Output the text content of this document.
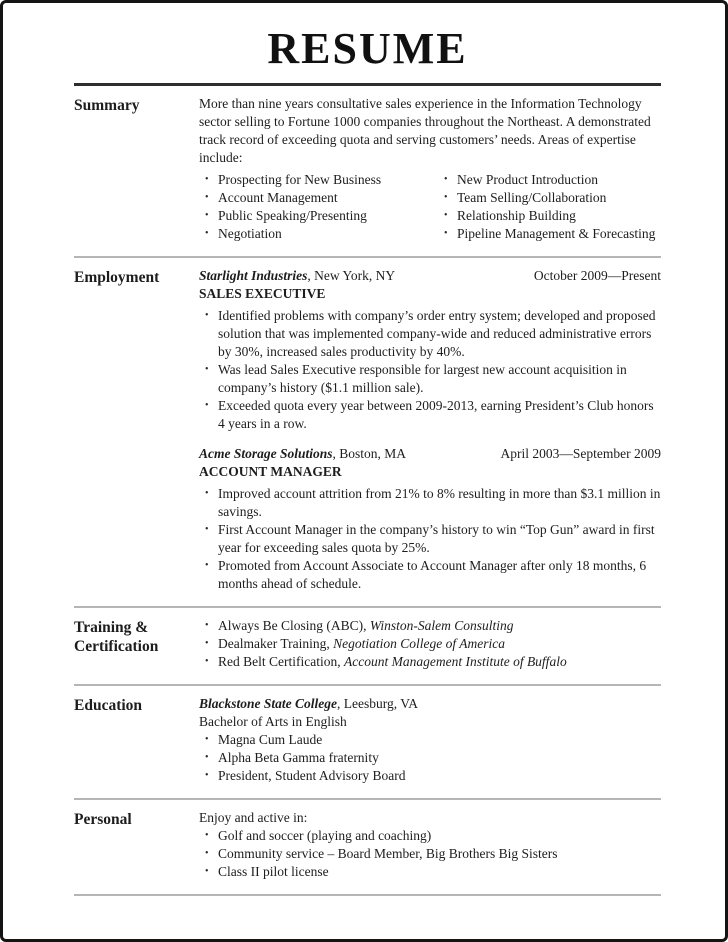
RESUME
Summary	More than nine years consultative sales experience in the Information Technology sector selling to Fortune 1000 companies throughout the Northeast. A demonstrated track record of exceeding quota and serving customers’ needs. Areas of expertise include:
• Prospecting for New Business
• Account Management
• Public Speaking/Presenting
• Negotiation
• New Product Introduction
• Team Selling/Collaboration
• Relationship Building
• Pipeline Management & Forecasting
Employment	Starlight Industries, New York, NY	October 2009—Present
SALES EXECUTIVE
• Identified problems with company’s order entry system; developed and proposed solution that was implemented company-wide and reduced administrative errors by 30%, increased sales productivity by 40%.
• Was lead Sales Executive responsible for largest new account acquisition in company’s history ($1.1 million sale).
• Exceeded quota every year between 2009-2013, earning President’s Club honors 4 years in a row.
Acme Storage Solutions, Boston, MA	April 2003—September 2009
ACCOUNT MANAGER
• Improved account attrition from 21% to 8% resulting in more than $3.1 million in savings.
• First Account Manager in the company’s history to win “Top Gun” award in first year for exceeding sales quota by 25%.
• Promoted from Account Associate to Account Manager after only 18 months, 6 months ahead of schedule.
Training & Certification
• Always Be Closing (ABC), Winston-Salem Consulting
• Dealmaker Training, Negotiation College of America
• Red Belt Certification, Account Management Institute of Buffalo
Education	Blackstone State College, Leesburg, VA
Bachelor of Arts in English
• Magna Cum Laude
• Alpha Beta Gamma fraternity
• President, Student Advisory Board
Personal	Enjoy and active in:
• Golf and soccer (playing and coaching)
• Community service – Board Member, Big Brothers Big Sisters
• Class II pilot license
